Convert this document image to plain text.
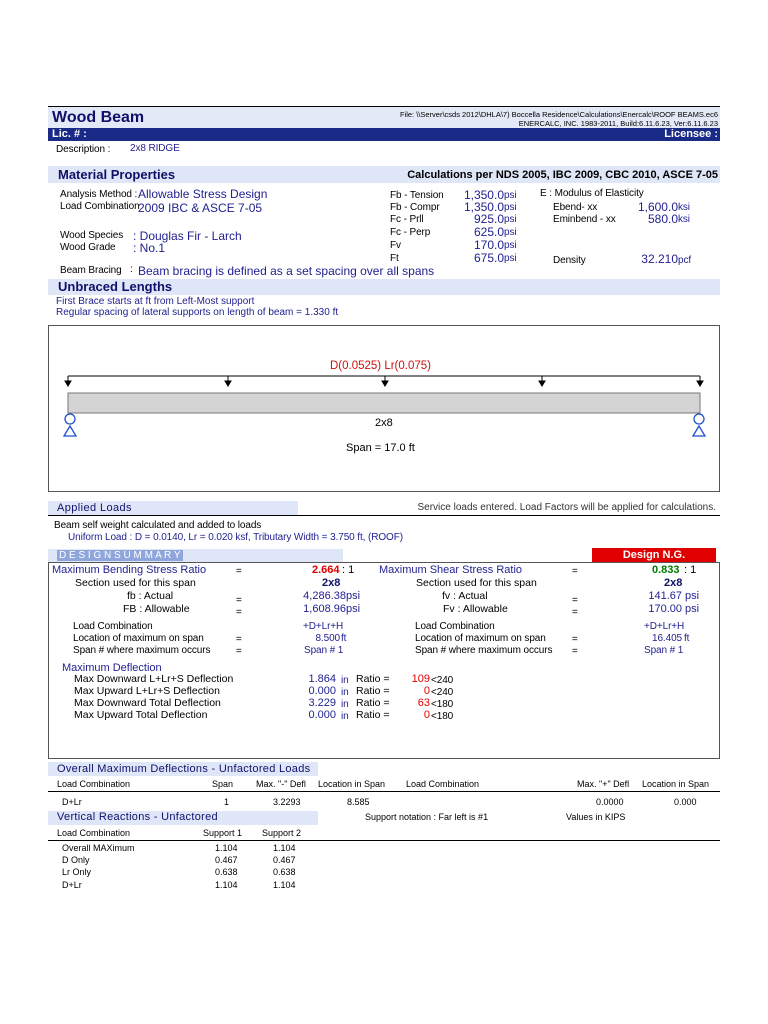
Wood Beam	File: \\Server\csds 2012\DHLA\7) Boccella Residence\Calculations\Enercalc\ROOF BEAMS.ec6
ENERCALC, INC. 1983-2011, Build:6.11.6.23, Ver:6.11.6.23
Lic. # :	Licensee :
Description : 2x8 RIDGE
Material Properties	Calculations per NDS 2005, IBC 2009, CBC 2010, ASCE 7-05
Analysis Method : Allowable Stress Design
Load Combination
2009 IBC & ASCE 7-05
Wood Species : Douglas Fir - Larch
Wood Grade : No.1
Beam Bracing : Beam bracing is defined as a set spacing over all spans
Fb - Tension	1,350.0 psi
Fb - Compr	1,350.0 psi
Fc - Prll	925.0 psi
Fc - Perp	625.0 psi
Fv	170.0 psi
Ft	675.0 psi
E : Modulus of Elasticity
Ebend- xx	1,600.0 ksi
Eminbend - xx	580.0 ksi
Density	32.210 pcf
Unbraced Lengths
First Brace starts at ft from Left-Most support
Regular spacing of lateral supports on length of beam = 1.330 ft
D(0.0525) Lr(0.075)
2x8
Span = 17.0 ft
Applied Loads	Service loads entered. Load Factors will be applied for calculations.
Beam self weight calculated and added to loads
Uniform Load : D = 0.0140, Lr = 0.020 ksf, Tributary Width = 3.750 ft, (ROOF)
D E S I G N S U M M A R Y	Design N.G.
Maximum Bending Stress Ratio	=	2.664 : 1
Section used for this span	2x8
fb : Actual	=	4,286.38 psi
FB : Allowable	=	1,608.96 psi
Load Combination	+D+Lr+H
Location of maximum on span	=	8.500 ft
Span # where maximum occurs	=	Span # 1
Maximum Shear Stress Ratio	=	0.833 : 1
Section used for this span	2x8
fv : Actual	=	141.67 psi
Fv : Allowable	=	170.00 psi
Load Combination	+D+Lr+H
Location of maximum on span	=	16.405 ft
Span # where maximum occurs =	Span # 1
Maximum Deflection
Max Downward L+Lr+S Deflection	1.864 in Ratio =	109 <240
Max Upward L+Lr+S Deflection	0.000 in Ratio =	0 <240
Max Downward Total Deflection	3.229 in Ratio =	63 <180
Max Upward Total Deflection	0.000 in Ratio =	0 <180
Overall Maximum Deflections - Unfactored Loads
Load Combination	Span	Max. "-" Defl Location in Span Load Combination	Max. "+" Defl Location in Span
D+Lr	1	3.2293	8.585	0.0000	0.000
Vertical Reactions - Unfactored	Support notation : Far left is #1	Values in KIPS
Load Combination	Support 1 Support 2
Overall MAXimum	1.104	1.104
D Only	0.467	0.467
Lr Only	0.638	0.638
D+Lr	1.104	1.104
